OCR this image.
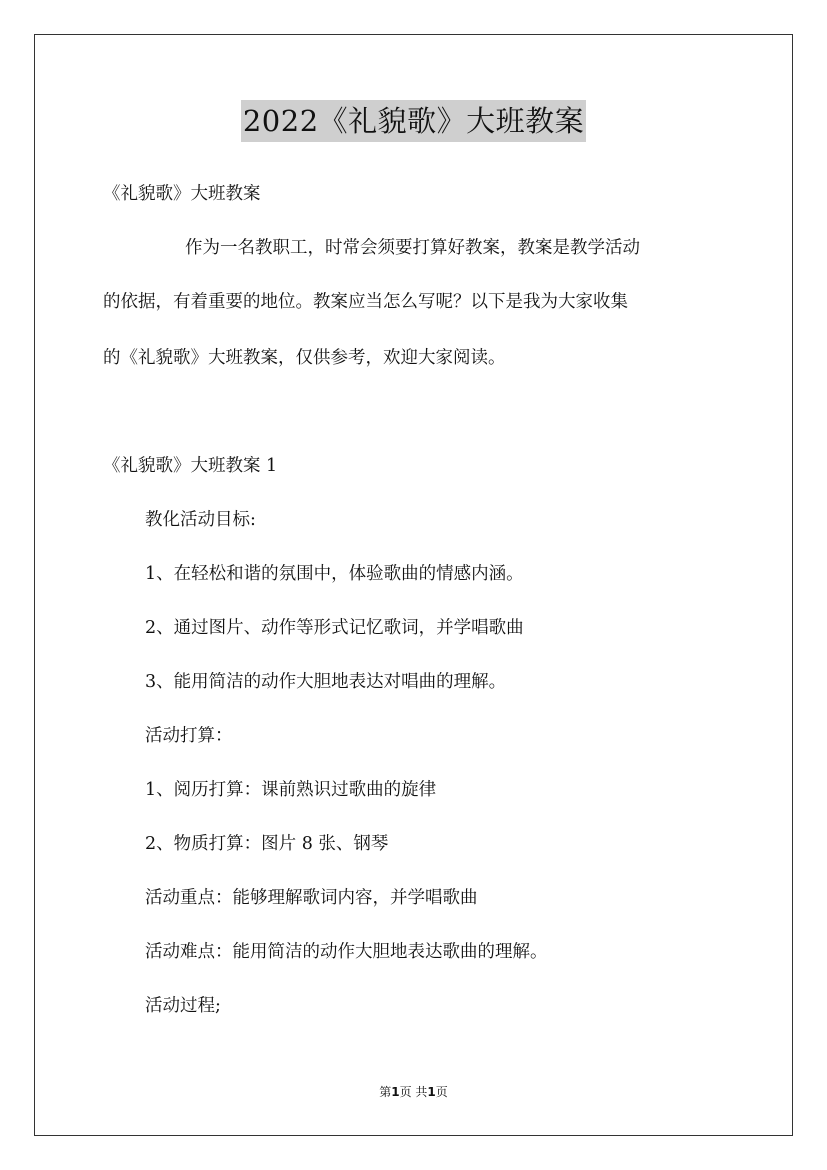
2022《礼貌歌》大班教案
《礼貌歌》大班教案
作为一名教职工，时常会须要打算好教案，教案是教学活动
的依据，有着重要的地位。教案应当怎么写呢？以下是我为大家收集
的《礼貌歌》大班教案，仅供参考，欢迎大家阅读。
《礼貌歌》大班教案 1
教化活动目标:
1、在轻松和谐的氛围中，体验歌曲的情感内涵。
2、通过图片、动作等形式记忆歌词，并学唱歌曲
3、能用简洁的动作大胆地表达对唱曲的理解。
活动打算：
1、阅历打算：课前熟识过歌曲的旋律
2、物质打算：图片 8 张、钢琴
活动重点：能够理解歌词内容，并学唱歌曲
活动难点：能用简洁的动作大胆地表达歌曲的理解。
活动过程;
第1页 共1页
